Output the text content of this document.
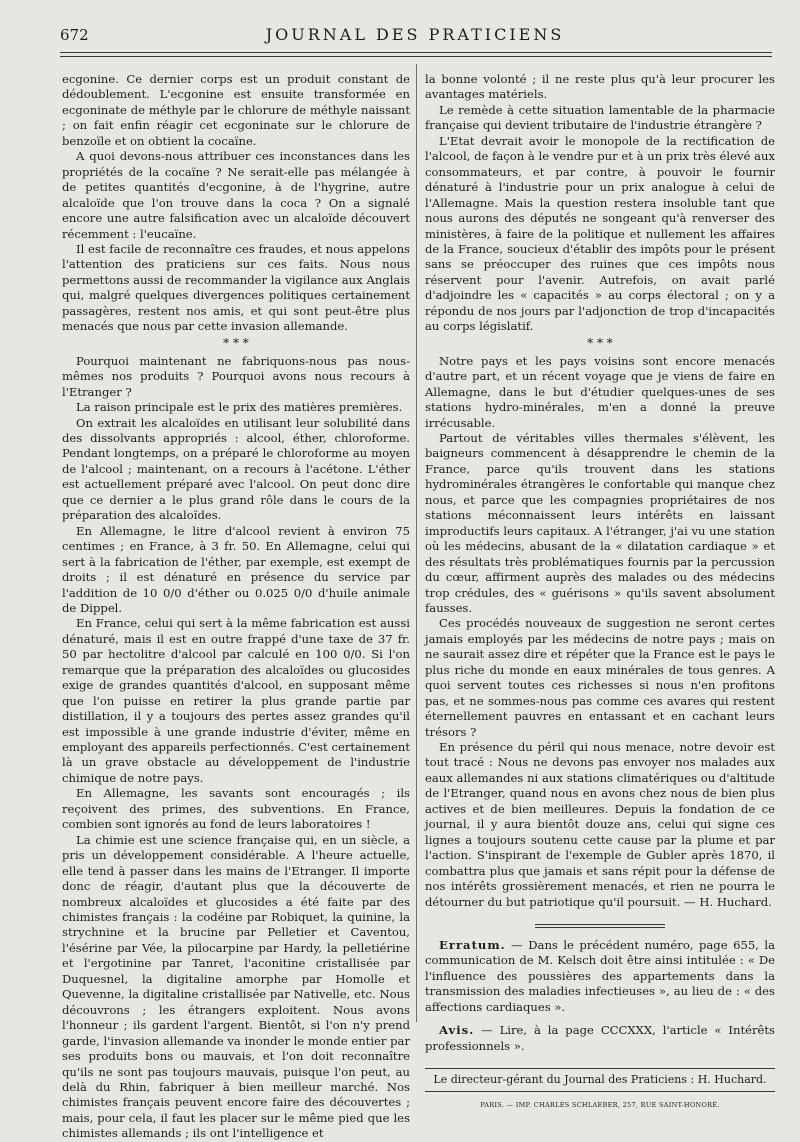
672	JOURNAL DES PRATICIENS

ecgonine. Ce dernier corps est un produit constant de dédoublement. L'ecgonine est ensuite transformée en ecgoninate de méthyle par le chlorure de méthyle naissant ; on fait enfin réagir cet ecgoninate sur le chlorure de benzoïle et on obtient la cocaïne.

A quoi devons-nous attribuer ces inconstances dans les propriétés de la cocaïne ? Ne serait-elle pas mélangée à de petites quantités d'ecgonine, à de l'hygrine, autre alcaloïde que l'on trouve dans la coca ? On a signalé encore une autre falsification avec un alcaloïde découvert récemment : l'eucaïne.

Il est facile de reconnaître ces fraudes, et nous appelons l'attention des praticiens sur ces faits. Nous nous permettons aussi de recommander la vigilance aux Anglais qui, malgré quelques divergences politiques certainement passagères, restent nos amis, et qui sont peut-être plus menacés que nous par cette invasion allemande.

* * *

Pourquoi maintenant ne fabriquons-nous pas nous-mêmes nos produits ? Pourquoi avons nous recours à l'Etranger ?

La raison principale est le prix des matières premières.

On extrait les alcaloïdes en utilisant leur solubilité dans des dissolvants appropriés : alcool, éther, chloroforme. Pendant longtemps, on a préparé le chloroforme au moyen de l'alcool ; maintenant, on a recours à l'acétone. L'éther est actuellement préparé avec l'alcool. On peut donc dire que ce dernier a le plus grand rôle dans le cours de la préparation des alcaloïdes.

En Allemagne, le litre d'alcool revient à environ 75 centimes ; en France, à 3 fr. 50. En Allemagne, celui qui sert à la fabrication de l'éther, par exemple, est exempt de droits ; il est dénaturé en présence du service par l'addition de 10 0/0 d'éther ou 0.025 0/0 d'huile animale de Dippel.

En France, celui qui sert à la même fabrication est aussi dénaturé, mais il est en outre frappé d'une taxe de 37 fr. 50 par hectolitre d'alcool par calculé en 100 0/0. Si l'on remarque que la préparation des alcaloïdes ou glucosides exige de grandes quantités d'alcool, en supposant même que l'on puisse en retirer la plus grande partie par distillation, il y a toujours des pertes assez grandes qu'il est impossible à une grande industrie d'éviter, même en employant des appareils perfectionnés. C'est certainement là un grave obstacle au développement de l'industrie chimique de notre pays.

En Allemagne, les savants sont encouragés ; ils reçoivent des primes, des subventions. En France, combien sont ignorés au fond de leurs laboratoires !

La chimie est une science française qui, en un siècle, a pris un développement considérable. A l'heure actuelle, elle tend à passer dans les mains de l'Etranger. Il importe donc de réagir, d'autant plus que la découverte de nombreux alcaloïdes et glucosides a été faite par des chimistes français : la codéine par Robiquet, la quinine, la strychnine et la brucine par Pelletier et Caventou, l'ésérine par Vée, la pilocarpine par Hardy, la pelletiérine et l'ergotinine par Tanret, l'aconitine cristallisée par Duquesnel, la digitaline amorphe par Homolle et Quevenne, la digitaline cristallisée par Nativelle, etc. Nous découvrons ; les étrangers exploitent. Nous avons l'honneur ; ils gardent l'argent. Bientôt, si l'on n'y prend garde, l'invasion allemande va inonder le monde entier par ses produits bons ou mauvais, et l'on doit reconnaître qu'ils ne sont pas toujours mauvais, puisque l'on peut, au delà du Rhin, fabriquer à bien meilleur marché. Nos chimistes français peuvent encore faire des découvertes ; mais, pour cela, il faut les placer sur le même pied que les chimistes allemands ; ils ont l'intelligence et

la bonne volonté ; il ne reste plus qu'à leur procurer les avantages matériels.

Le remède à cette situation lamentable de la pharmacie française qui devient tributaire de l'industrie étrangère ?

L'Etat devrait avoir le monopole de la rectification de l'alcool, de façon à le vendre pur et à un prix très élevé aux consommateurs, et par contre, à pouvoir le fournir dénaturé à l'industrie pour un prix analogue à celui de l'Allemagne. Mais la question restera insoluble tant que nous aurons des députés ne songeant qu'à renverser des ministères, à faire de la politique et nullement les affaires de la France, soucieux d'établir des impôts pour le présent sans se préoccuper des ruines que ces impôts nous réservent pour l'avenir. Autrefois, on avait parlé d'adjoindre les « capacités » au corps électoral ; on y a répondu de nos jours par l'adjonction de trop d'incapacités au corps législatif.

* * *

Notre pays et les pays voisins sont encore menacés d'autre part, et un récent voyage que je viens de faire en Allemagne, dans le but d'étudier quelques-unes de ses stations hydro-minérales, m'en a donné la preuve irrécusable.

Partout de véritables villes thermales s'élèvent, les baigneurs commencent à désapprendre le chemin de la France, parce qu'ils trouvent dans les stations hydrominérales étrangères le confortable qui manque chez nous, et parce que les compagnies propriétaires de nos stations méconnaissent leurs intérêts en laissant improductifs leurs capitaux. A l'étranger, j'ai vu une station où les médecins, abusant de la « dilatation cardiaque » et des résultats très problématiques fournis par la percussion du cœur, affirment auprès des malades ou des médecins trop crédules, des « guérisons » qu'ils savent absolument fausses.

Ces procédés nouveaux de suggestion ne seront certes jamais employés par les médecins de notre pays ; mais on ne saurait assez dire et répéter que la France est le pays le plus riche du monde en eaux minérales de tous genres. A quoi servent toutes ces richesses si nous n'en profitons pas, et ne sommes-nous pas comme ces avares qui restent éternellement pauvres en entassant et en cachant leurs trésors ?

En présence du péril qui nous menace, notre devoir est tout tracé : Nous ne devons pas envoyer nos malades aux eaux allemandes ni aux stations climatériques ou d'altitude de l'Etranger, quand nous en avons chez nous de bien plus actives et de bien meilleures. Depuis la fondation de ce journal, il y aura bientôt douze ans, celui qui signe ces lignes a toujours soutenu cette cause par la plume et par l'action. S'inspirant de l'exemple de Gubler après 1870, il combattra plus que jamais et sans répit pour la défense de nos intérêts grossièrement menacés, et rien ne pourra le détourner du but patriotique qu'il poursuit. — H. Huchard.

Erratum. — Dans le précédent numéro, page 655, la communication de M. Kelsch doit être ainsi intitulée : « De l'influence des poussières des appartements dans la transmission des maladies infectieuses », au lieu de : « des affections cardiaques ».

Avis. — Lire, à la page CCCXXX, l'article « Intérêts professionnels ».

Le directeur-gérant du Journal des Praticiens : H. Huchard.
PARIS. — IMP. CHARLES SCHLAEBER, 257, RUE SAINT-HONORÉ.
